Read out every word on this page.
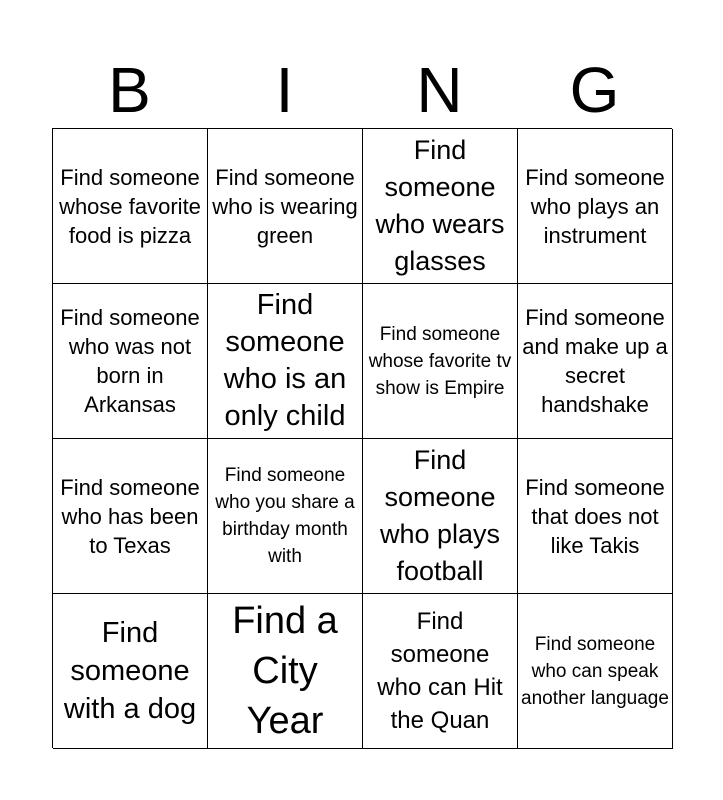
B	I	N	G
Find someone whose favorite food is pizza
Find someone who is wearing green
Find someone who wears glasses
Find someone who plays an instrument
Find someone who was not born in Arkansas
Find someone who is an only child
Find someone whose favorite tv show is Empire
Find someone and make up a secret handshake
Find someone who has been to Texas
Find someone who you share a birthday month with
Find someone who plays football
Find someone that does not like Takis
Find someone with a dog
Find a City Year
Find someone who can Hit the Quan
Find someone who can speak another language
